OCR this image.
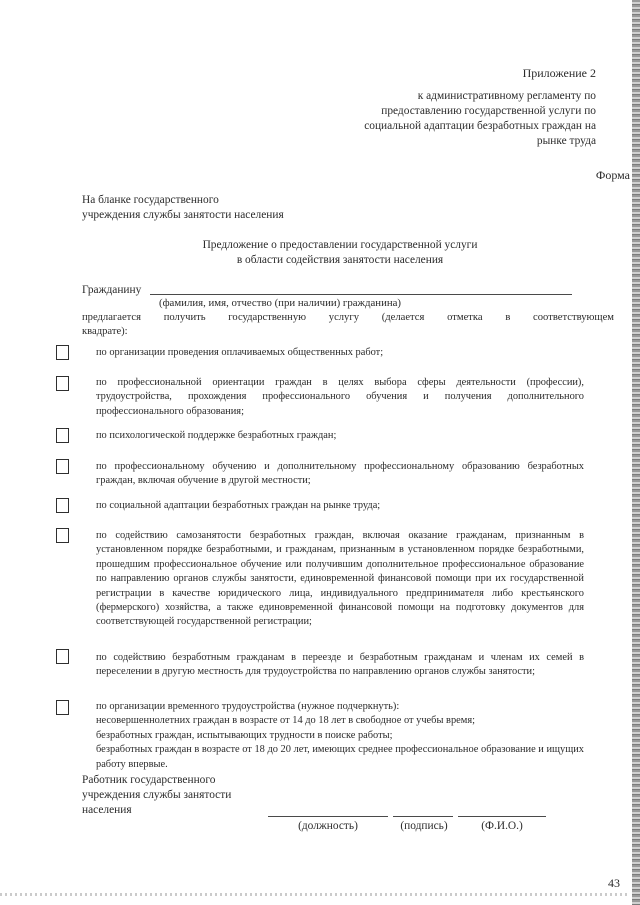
Приложение 2
к административному регламенту по
предоставлению государственной услуги по
социальной адаптации безработных граждан на
рынке труда
Форма
На бланке государственного
учреждения службы занятости населения
Предложение о предоставлении государственной услуги
в области содействия занятости населения
Гражданину
(фамилия, имя, отчество (при наличии) гражданина)
предлагается получить государственную услугу (делается отметка в соответствующем
квадрате):
по организации проведения оплачиваемых общественных работ;
по профессиональной ориентации граждан в целях выбора сферы деятельности (профессии), трудоустройства, прохождения профессионального обучения и получения дополнительного профессионального образования;
по психологической поддержке безработных граждан;
по профессиональному обучению и дополнительному профессиональному образованию безработных граждан, включая обучение в другой местности;
по социальной адаптации безработных граждан на рынке труда;
по содействию самозанятости безработных граждан, включая оказание гражданам, признанным в установленном порядке безработными, и гражданам, признанным в установленном порядке безработными, прошедшим профессиональное обучение или получившим дополнительное профессиональное образование по направлению органов службы занятости, единовременной финансовой помощи при их государственной регистрации в качестве юридического лица, индивидуального предпринимателя либо крестьянского (фермерского) хозяйства, а также единовременной финансовой помощи на подготовку документов для соответствующей государственной регистрации;
по содействию безработным гражданам в переезде и безработным гражданам и членам их семей в переселении в другую местность для трудоустройства по направлению органов службы занятости;
по организации временного трудоустройства (нужное подчеркнуть):
несовершеннолетних граждан в возрасте от 14 до 18 лет в свободное от учебы время;
безработных граждан, испытывающих трудности в поиске работы;
безработных граждан в возрасте от 18 до 20 лет, имеющих среднее профессиональное образование и ищущих работу впервые.
Работник государственного
учреждения службы занятости
населения
(должность)	(подпись)	(Ф.И.О.)
43
